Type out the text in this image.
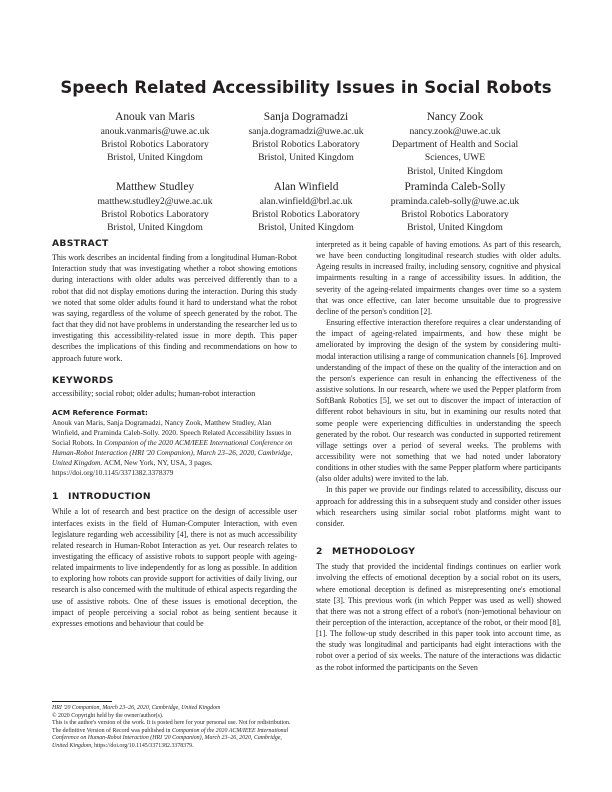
Speech Related Accessibility Issues in Social Robots
Anouk van Maris
anouk.vanmaris@uwe.ac.uk
Bristol Robotics Laboratory
Bristol, United Kingdom
Sanja Dogramadzi
sanja.dogramadzi@uwe.ac.uk
Bristol Robotics Laboratory
Bristol, United Kingdom
Nancy Zook
nancy.zook@uwe.ac.uk
Department of Health and Social
Sciences, UWE
Bristol, United Kingdom
Matthew Studley
matthew.studley2@uwe.ac.uk
Bristol Robotics Laboratory
Bristol, United Kingdom
Alan Winfield
alan.winfield@brl.ac.uk
Bristol Robotics Laboratory
Bristol, United Kingdom
Praminda Caleb-Solly
praminda.caleb-solly@uwe.ac.uk
Bristol Robotics Laboratory
Bristol, United Kingdom
ABSTRACT

This work describes an incidental finding from a longitudinal Human-Robot Interaction study that was investigating whether a robot showing emotions during interactions with older adults was perceived differently than to a robot that did not display emotions during the interaction. During this study we noted that some older adults found it hard to understand what the robot was saying, regardless of the volume of speech generated by the robot. The fact that they did not have problems in understanding the researcher led us to investigating this accessibility-related issue in more depth. This paper describes the implications of this finding and recommendations on how to approach future work.

KEYWORDS

accessibility; social robot; older adults; human-robot interaction

ACM Reference Format:

Anouk van Maris, Sanja Dogramadzi, Nancy Zook, Matthew Studley, Alan Winfield, and Praminda Caleb-Solly. 2020. Speech Related Accessibility Issues in Social Robots. In Companion of the 2020 ACM/IEEE International Conference on Human-Robot Interaction (HRI '20 Companion), March 23–26, 2020, Cambridge, United Kingdom. ACM, New York, NY, USA, 3 pages. https://doi.org/10.1145/3371382.3378379

1 INTRODUCTION

While a lot of research and best practice on the design of accessible user interfaces exists in the field of Human-Computer Interaction, with even legislature regarding web accessibility [4], there is not as much accessibility related research in Human-Robot Interaction as yet. Our research relates to investigating the efficacy of assistive robots to support people with ageing-related impairments to live independently for as long as possible. In addition to exploring how robots can provide support for activities of daily living, our research is also concerned with the multitude of ethical aspects regarding the use of assistive robots. One of these issues is emotional deception, the impact of people perceiving a social robot as being sentient because it expresses emotions and behaviour that could be

interpreted as it being capable of having emotions. As part of this research, we have been conducting longitudinal research studies with older adults. Ageing results in increased frailty, including sensory, cognitive and physical impairments resulting in a range of accessibility issues. In addition, the severity of the ageing-related impairments changes over time so a system that was once effective, can later become unsuitable due to progressive decline of the person's condition [2].

Ensuring effective interaction therefore requires a clear understanding of the impact of ageing-related impairments, and how these might be ameliorated by improving the design of the system by considering multi-modal interaction utilising a range of communication channels [6]. Improved understanding of the impact of these on the quality of the interaction and on the person's experience can result in enhancing the effectiveness of the assistive solutions. In our research, where we used the Pepper platform from SoftBank Robotics [5], we set out to discover the impact of interaction of different robot behaviours in situ, but in examining our results noted that some people were experiencing difficulties in understanding the speech generated by the robot. Our research was conducted in supported retirement village settings over a period of several weeks. The problems with accessibility were not something that we had noted under laboratory conditions in other studies with the same Pepper platform where participants (also older adults) were invited to the lab.

In this paper we provide our findings related to accessibility, discuss our approach for addressing this in a subsequent study and consider other issues which researchers using similar social robot platforms might want to consider.

2 METHODOLOGY

The study that provided the incidental findings continues on earlier work involving the effects of emotional deception by a social robot on its users, where emotional deception is defined as misrepresenting one's emotional state [3]. This previous work (in which Pepper was used as well) showed that there was not a strong effect of a robot's (non-)emotional behaviour on their perception of the interaction, acceptance of the robot, or their mood [8],[1]. The follow-up study described in this paper took into account time, as the study was longitudinal and participants had eight interactions with the robot over a period of six weeks. The nature of the interactions was didactic as the robot informed the participants on the Seven

HRI '20 Companion, March 23–26, 2020, Cambridge, United Kingdom

© 2020 Copyright held by the owner/author(s).

This is the author's version of the work. It is posted here for your personal use. Not for redistribution. The definitive Version of Record was published in Companion of the 2020 ACM/IEEE International Conference on Human-Robot Interaction (HRI '20 Companion), March 23–26, 2020, Cambridge, United Kingdom, https://doi.org/10.1145/3371382.3378379.
